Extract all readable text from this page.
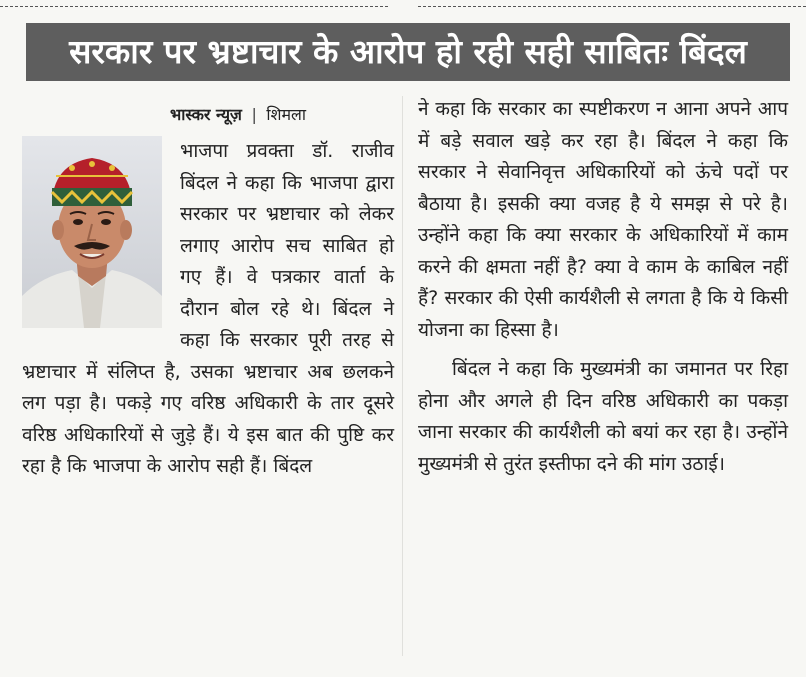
सरकार पर भ्रष्टाचार के आरोप हो रही सही साबितः बिंदल
भास्कर न्यूज़ | शिमला

भाजपा प्रवक्ता डॉ. राजीव बिंदल ने कहा कि भाजपा द्वारा सरकार पर भ्रष्टाचार को लेकर लगाए आरोप सच साबित हो गए हैं। वे पत्रकार वार्ता के दौरान बोल रहे थे। बिंदल ने कहा कि सरकार पूरी तरह से भ्रष्टाचार में संलिप्त है, उसका भ्रष्टाचार अब छलकने लग पड़ा है। पकड़े गए वरिष्ठ अधिकारी के तार दूसरे वरिष्ठ अधिकारियों से जुड़े हैं। ये इस बात की पुष्टि कर रहा है कि भाजपा के आरोप सही हैं। बिंदल

ने कहा कि सरकार का स्पष्टीकरण न आना अपने आप में बड़े सवाल खड़े कर रहा है। बिंदल ने कहा कि सरकार ने सेवानिवृत्त अधिकारियों को ऊंचे पदों पर बैठाया है। इसकी क्या वजह है ये समझ से परे है। उन्होंने कहा कि क्या सरकार के अधिकारियों में काम करने की क्षमता नहीं है? क्या वे काम के काबिल नहीं हैं? सरकार की ऐसी कार्यशैली से लगता है कि ये किसी योजना का हिस्सा है।

बिंदल ने कहा कि मुख्यमंत्री का जमानत पर रिहा होना और अगले ही दिन वरिष्ठ अधिकारी का पकड़ा जाना सरकार की कार्यशैली को बयां कर रहा है। उन्होंने मुख्यमंत्री से तुरंत इस्तीफा दने की मांग उठाई।
